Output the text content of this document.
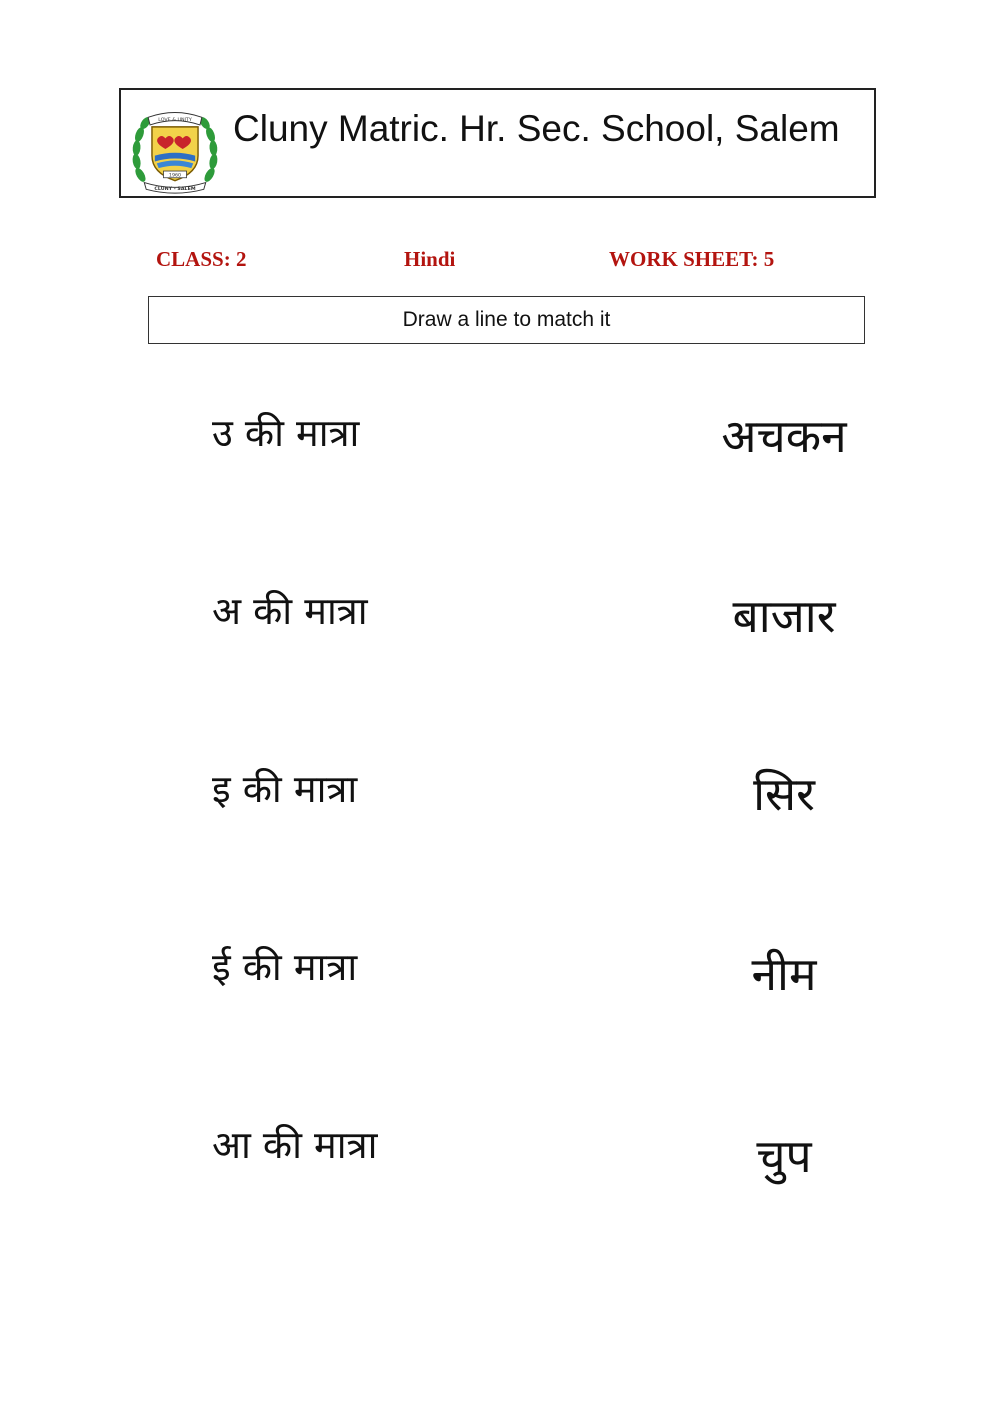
LOVE & UNITY
1960
CLUNY - SALEM
Cluny Matric. Hr. Sec. School, Salem
CLASS: 2	Hindi	WORK SHEET: 5
Draw a line to match it
उ की मात्रा
अ की मात्रा
इ की मात्रा
ई की मात्रा
आ की मात्रा
अचकन
बाजार
सिर
नीम
चुप
